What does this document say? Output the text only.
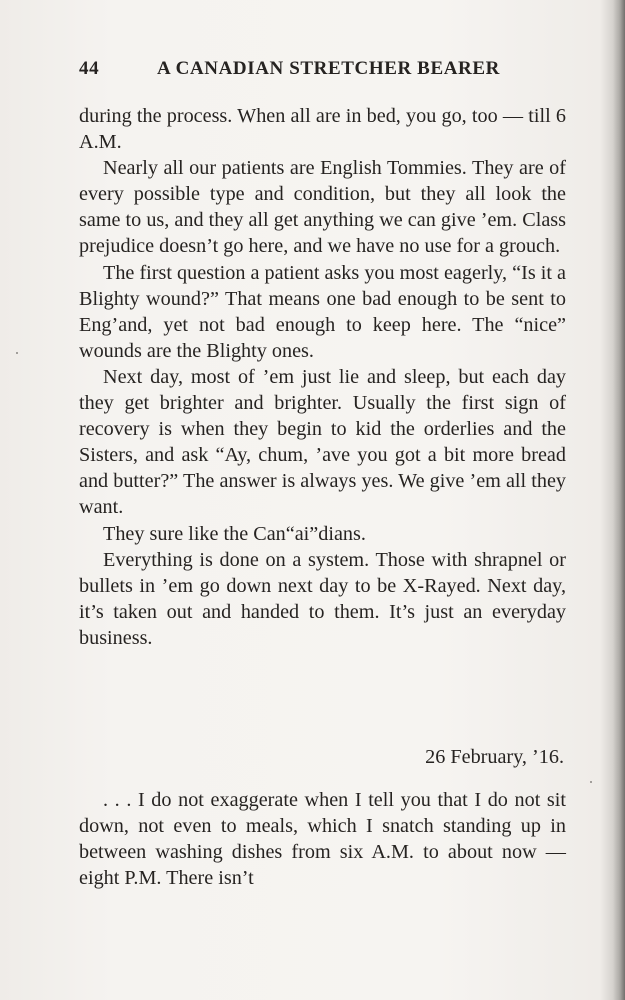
44	A CANADIAN STRETCHER BEARER

during the process. When all are in bed, you go, too — till 6 A.M.

Nearly all our patients are English Tommies. They are of every possible type and condition, but they all look the same to us, and they all get anything we can give ’em. Class prejudice doesn’t go here, and we have no use for a grouch.

The first question a patient asks you most eagerly, “Is it a Blighty wound?” That means one bad enough to be sent to Eng’and, yet not bad enough to keep here. The “nice” wounds are the Blighty ones.

Next day, most of ’em just lie and sleep, but each day they get brighter and brighter. Usually the first sign of recovery is when they begin to kid the orderlies and the Sisters, and ask “Ay, chum, ’ave you got a bit more bread and butter?” The answer is always yes. We give ’em all they want.

They sure like the Can“ai”dians.

Everything is done on a system. Those with shrapnel or bullets in ’em go down next day to be X-Rayed. Next day, it’s taken out and handed to them. It’s just an everyday business.

26 February, ’16.

. . . I do not exaggerate when I tell you that I do not sit down, not even to meals, which I snatch standing up in between washing dishes from six A.M. to about now — eight P.M. There isn’t
